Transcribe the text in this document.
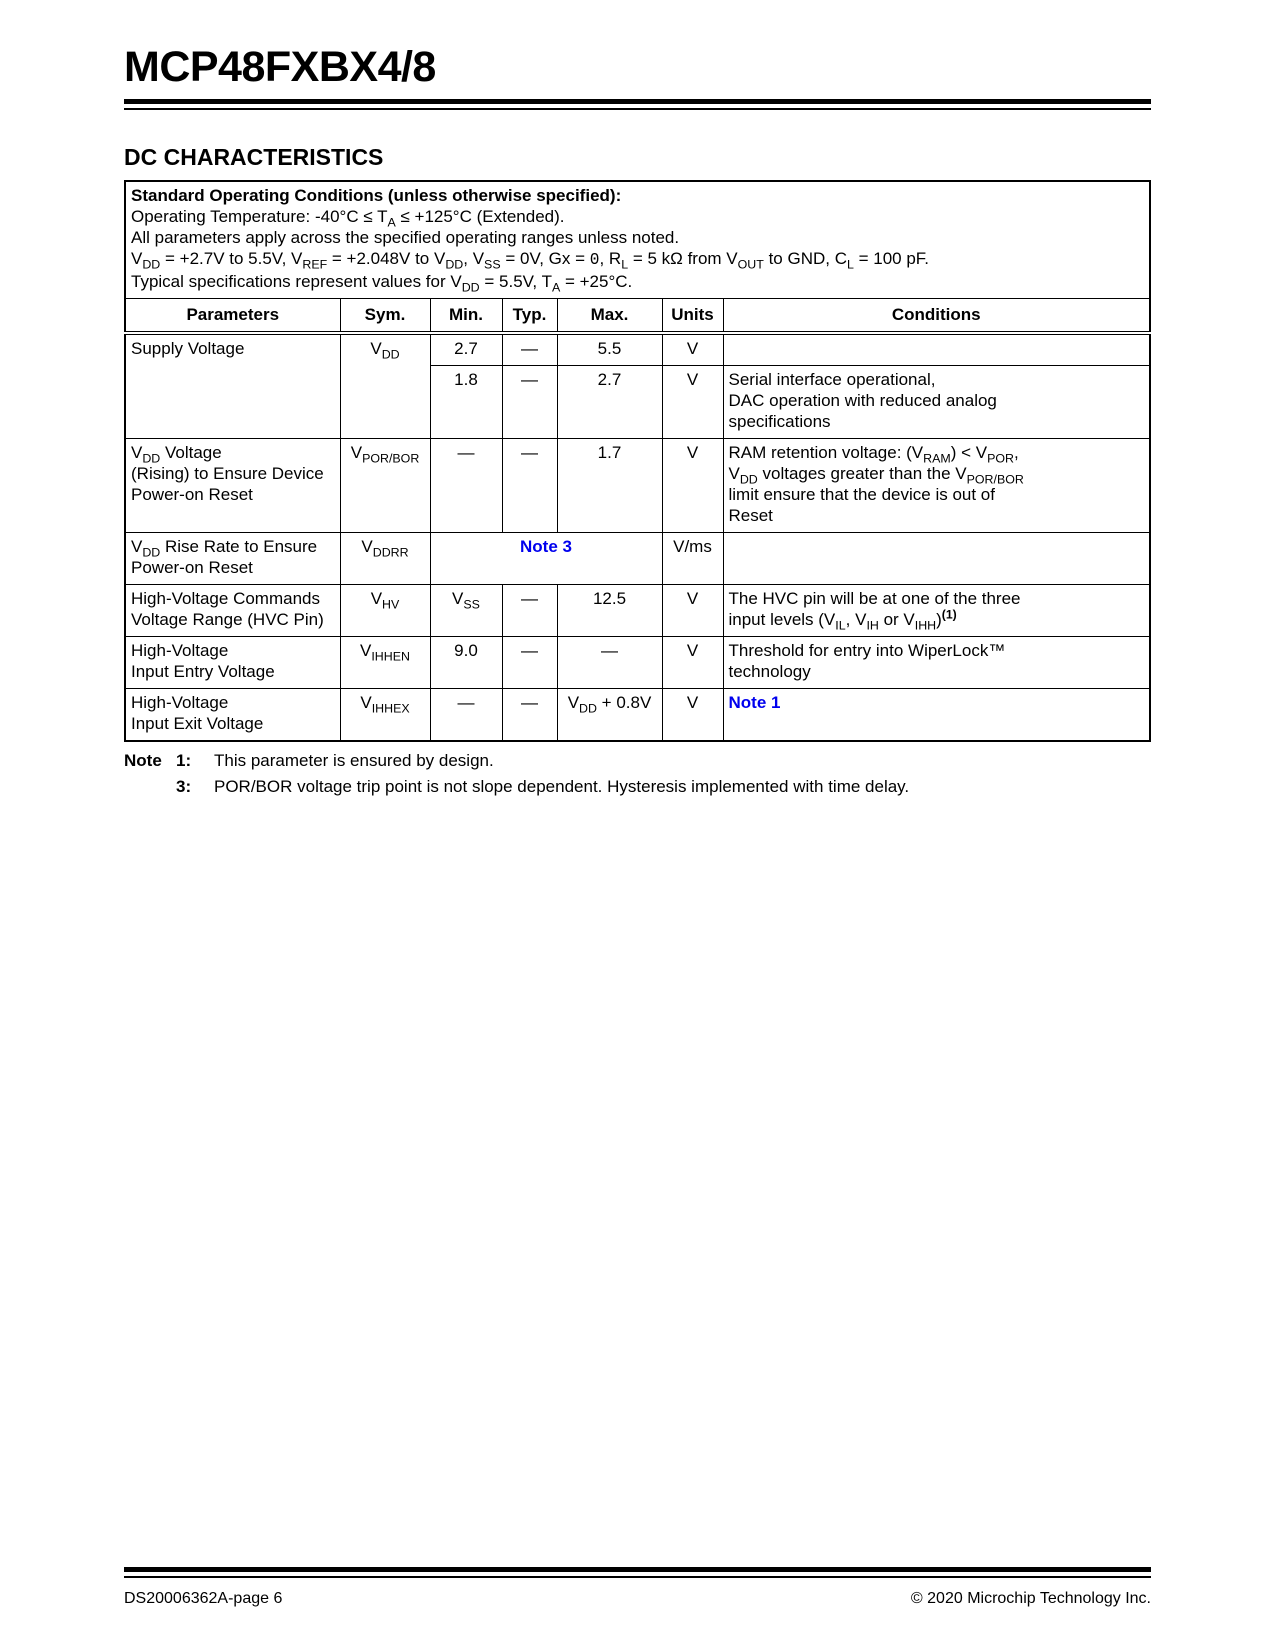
MCP48FXBX4/8
DC CHARACTERISTICS
Standard Operating Conditions (unless otherwise specified):
Operating Temperature: $-40^\circ C \le T_A \le +125^\circ C$ (Extended).
All parameters apply across the specified operating ranges unless noted.
$V_{DD} = +2.7V$ to 5.5V, $V_{REF} = +2.048V$ to $V_{DD}$, $V_{SS} = 0V$, Gx = 0, $R_L = 5$ kΩ from $V_{OUT}$ to GND, $C_L = 100$ pF.
Typical specifications represent values for $V_{DD} = 5.5V$, $T_A = +25^\circ C$.						

Parameters	Sym.	Min.	Typ.	Max.	Units	Conditions
Supply Voltage	$V_{DD}$	2.7	—	5.5	V	
		1.8	—	2.7	V	Serial interface operational,
DAC operation with reduced analog
specifications
$V_{DD}$ Voltage
(Rising) to Ensure Device
Power-on Reset	$V_{POR/BOR}$	—	—	1.7	V	RAM retention voltage: $(V_{RAM}) < V_{POR}$,
$V_{DD}$ voltages greater than the $V_{POR/BOR}$
limit ensure that the device is out of
Reset
$V_{DD}$ Rise Rate to Ensure
Power-on Reset	$V_{DDRR}$	Note 3			V/ms	
High-Voltage Commands
Voltage Range (HVC Pin)	$V_{HV}$	$V_{SS}$	—	12.5	V	The HVC pin will be at one of the three
input levels ($V_{IL}$, $V_{IH}$ or $V_{IHH})^{(1)}$
High-Voltage
Input Entry Voltage	$V_{IHHEN}$	9.0	—	—	V	Threshold for entry into WiperLock™
technology
High-Voltage
Input Exit Voltage	$V_{IHHEX}$	—	—	$V_{DD} + 0.8V$	V	Note 1
Note 1:	This parameter is ensured by design.
3:	POR/BOR voltage trip point is not slope dependent. Hysteresis implemented with time delay.
DS20006362A-page 6	© 2020 Microchip Technology Inc.
